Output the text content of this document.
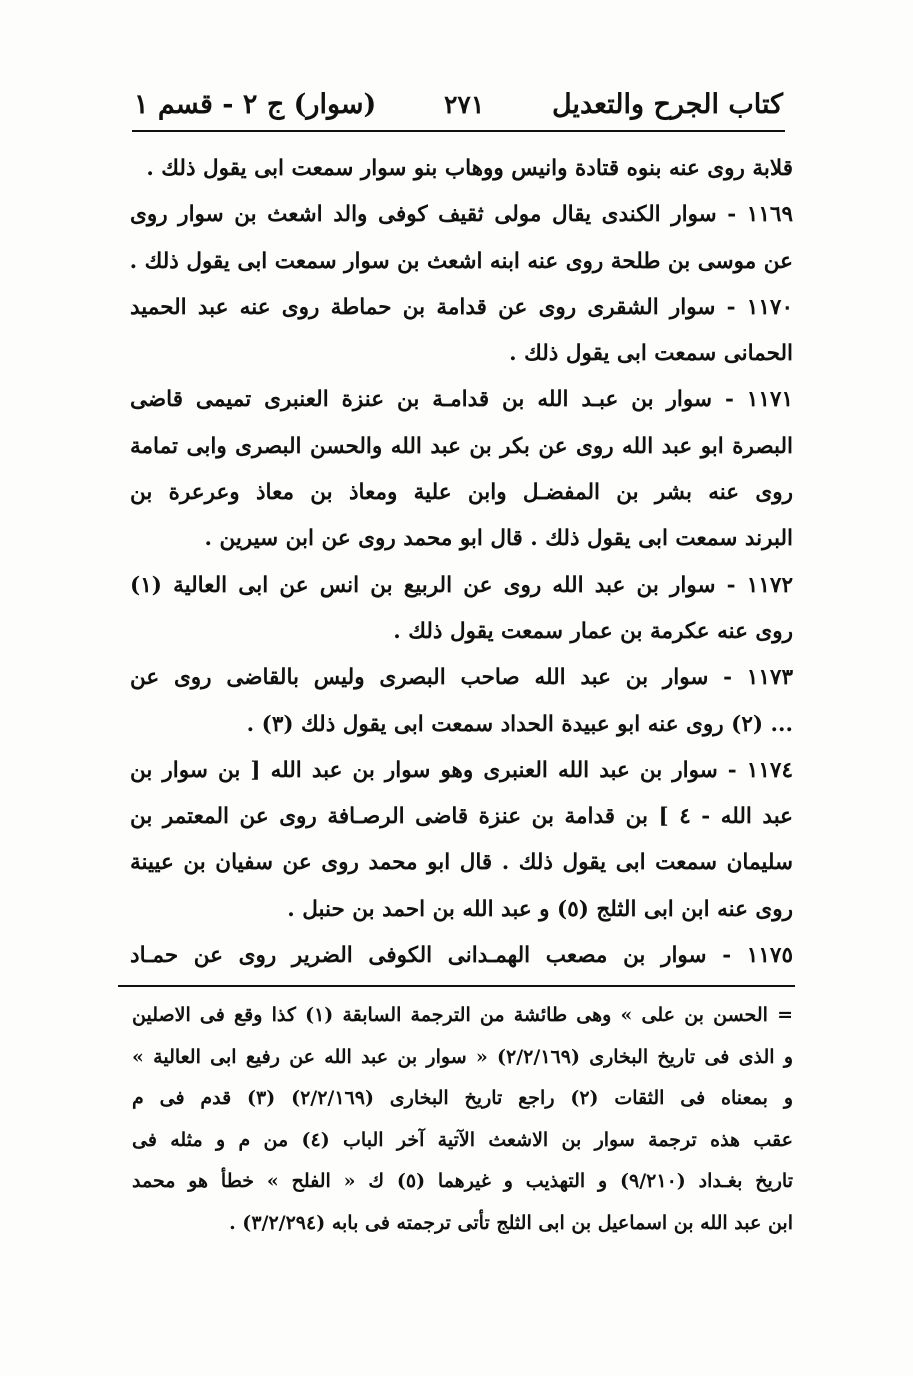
كتاب الجرح والتعديل
٢٧١
(سوار) ج ٢ - قسم ١
قلابة روى عنه بنوه قتادة وانيس ووهاب بنو سوار سمعت ابى يقول ذلك .
١١٦٩ - سوار الكندى يقال مولى ثقيف كوفى والد اشعث بن سوار روى
عن موسى بن طلحة روى عنه ابنه اشعث بن سوار سمعت ابى يقول ذلك .
١١٧٠ - سوار الشقرى روى عن قدامة بن حماطة روى عنه عبد الحميد
الحمانى سمعت ابى يقول ذلك .
١١٧١ - سوار بن عبـد الله بن قدامـة بن عنزة العنبرى تميمى قاضى
البصرة ابو عبد الله روى عن بكر بن عبد الله والحسن البصرى وابى تمامة
روى عنه بشر بن المفضـل وابن علية ومعاذ بن معاذ وعرعرة بن
البرند سمعت ابى يقول ذلك . قال ابو محمد روى عن ابن سيرين .
١١٧٢ - سوار بن عبد الله روى عن الربيع بن انس عن ابى العالية (١)
روى عنه عكرمة بن عمار سمعت يقول ذلك .
١١٧٣ - سوار بن عبد الله صاحب البصرى وليس بالقاضى روى عن
... (٢) روى عنه ابو عبيدة الحداد سمعت ابى يقول ذلك (٣) .
١١٧٤ - سوار بن عبد الله العنبرى وهو سوار بن عبد الله [ بن سوار بن
عبد الله - ٤ ] بن قدامة بن عنزة قاضى الرصـافة روى عن المعتمر بن
سليمان سمعت ابى يقول ذلك . قال ابو محمد روى عن سفيان بن عيينة
روى عنه ابن ابى الثلج (٥) و عبد الله بن احمد بن حنبل .
١١٧٥ - سوار بن مصعب الهمـدانى الكوفى الضرير روى عن حمـاد
= الحسن بن على » وهى طائشة من الترجمة السابقة (١) كذا وقع فى الاصلين
و الذى فى تاريخ البخارى (٢/٢/١٦٩) « سوار بن عبد الله عن رفيع ابى العالية »
و بمعناه فى الثقات (٢) راجع تاريخ البخارى (٢/٢/١٦٩) (٣) قدم فى م
عقب هذه ترجمة سوار بن الاشعث الآتية آخر الباب (٤) من م و مثله فى
تاريخ بغـداد (٩/٢١٠) و التهذيب و غيرهما (٥) ك « الفلح » خطأ هو محمد
ابن عبد الله بن اسماعيل بن ابى الثلج تأتى ترجمته فى بابه (٣/٢/٢٩٤) .
